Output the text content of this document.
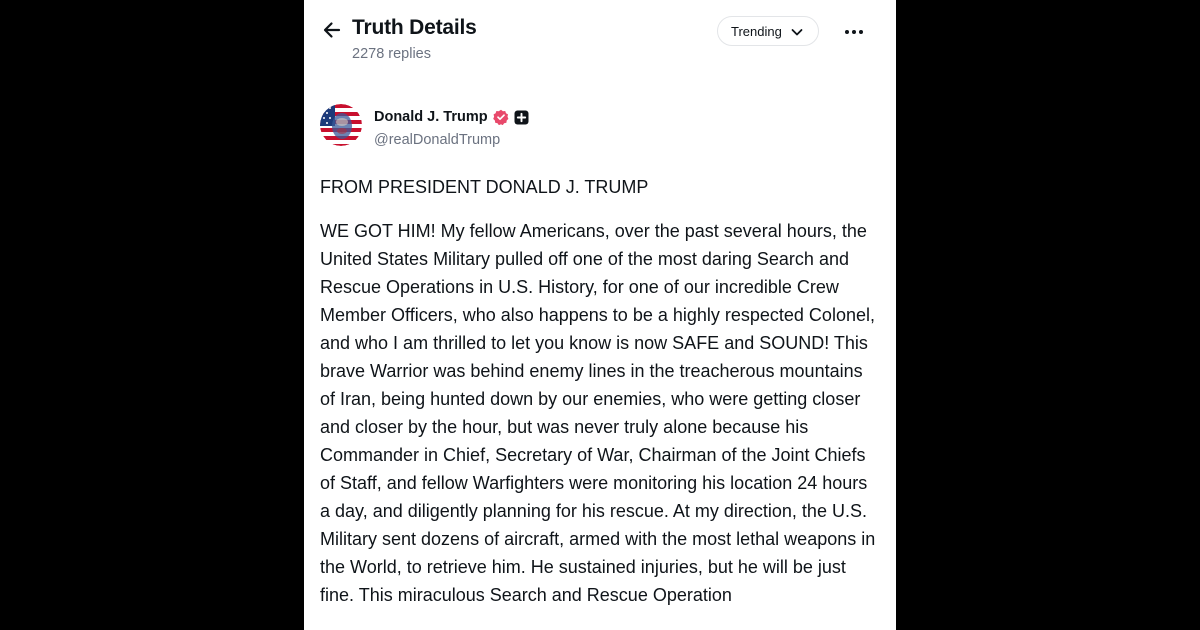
Truth Details
2278 replies
Trending
Donald J. Trump
@realDonaldTrump

FROM PRESIDENT DONALD J. TRUMP

WE GOT HIM! My fellow Americans, over the past several hours, the United States Military pulled off one of the most daring Search and Rescue Operations in U.S. History, for one of our incredible Crew Member Officers, who also happens to be a highly respected Colonel, and who I am thrilled to let you know is now SAFE and SOUND! This brave Warrior was behind enemy lines in the treacherous mountains of Iran, being hunted down by our enemies, who were getting closer and closer by the hour, but was never truly alone because his Commander in Chief, Secretary of War, Chairman of the Joint Chiefs of Staff, and fellow Warfighters were monitoring his location 24 hours a day, and diligently planning for his rescue. At my direction, the U.S. Military sent dozens of aircraft, armed with the most lethal weapons in the World, to retrieve him. He sustained injuries, but he will be just fine. This miraculous Search and Rescue Operation
